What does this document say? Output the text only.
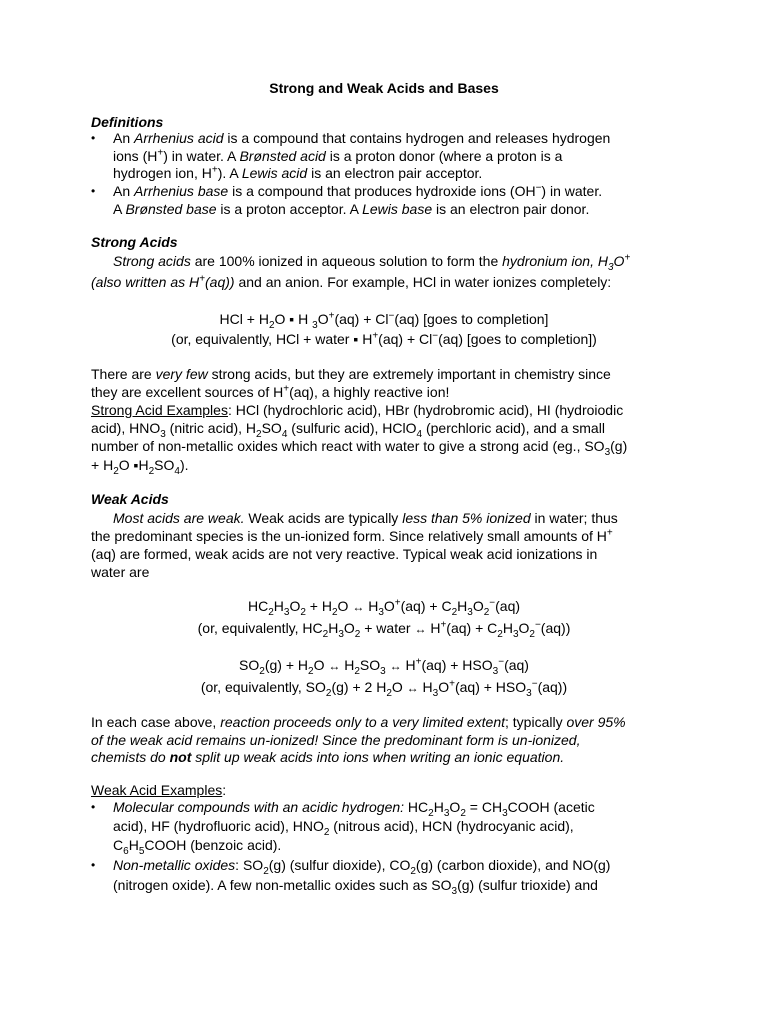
Strong and Weak Acids and Bases
Definitions
• An Arrhenius acid is a compound that contains hydrogen and releases hydrogen
ions (H+) in water. A Brønsted acid is a proton donor (where a proton is a
hydrogen ion, H+). A Lewis acid is an electron pair acceptor.
• An Arrhenius base is a compound that produces hydroxide ions (OH−) in water.
A Brønsted base is a proton acceptor. A Lewis base is an electron pair donor.
Strong Acids
Strong acids are 100% ionized in aqueous solution to form the hydronium ion, $H_3O^+$
(also written as H+(aq)) and an anion. For example, HCl in water ionizes completely:
HCl + $H_2O$ ▪ H $_3$O+(aq) + Cl−(aq) [goes to completion]
(or, equivalently, HCl + water ▪ H+(aq) + Cl−(aq) [goes to completion])
There are very few strong acids, but they are extremely important in chemistry since
they are excellent sources of H+(aq), a highly reactive ion!
Strong Acid Examples: HCl (hydrochloric acid), HBr (hydrobromic acid), HI (hydroiodic
acid), $HNO_3$ (nitric acid), $H_2SO_4$ (sulfuric acid), HClO$_4$ (perchloric acid), and a small
number of non-metallic oxides which react with water to give a strong acid (eg., $SO_3(g)$
+ $H_2O$ $▪H_2SO_4$).
Weak Acids
Most acids are weak. Weak acids are typically less than 5% ionized in water; thus
the predominant species is the un-ionized form. Since relatively small amounts of H+
(aq) are formed, weak acids are not very reactive. Typical weak acid ionizations in
water are
$HC_2H_3O_2 + H_2O$ ↔ $H_3O^+(aq) + C_2H_3O_2^-(aq)$
(or, equivalently, $HC_2H_3O_2$ + water ↔ $H^+(aq) + C_2H_3O_2^-(aq)$)
$SO_2(g) + H_2O$ ↔ $H_2SO_3$ ↔ $H^+(aq) + HSO_3^-(aq)$
(or, equivalently, $SO_2(g) + 2$ $H_2O$ ↔ $H_3O^+(aq) + HSO_3^-(aq)$)
In each case above, reaction proceeds only to a very limited extent; typically over 95%
of the weak acid remains un-ionized! Since the predominant form is un-ionized,
chemists do not split up weak acids into ions when writing an ionic equation.
Weak Acid Examples:
• Molecular compounds with an acidic hydrogen: $HC_2H_3O_2$ = $CH_3COOH$ (acetic
acid), HF (hydrofluoric acid), $HNO_2$ (nitrous acid), HCN (hydrocyanic acid),
$C_6H_5COOH$ (benzoic acid).
• Non-metallic oxides: $SO_2(g)$ (sulfur dioxide), $CO_2(g)$ (carbon dioxide), and NO(g)
(nitrogen oxide). A few non-metallic oxides such as $SO_3(g)$ (sulfur trioxide) and
